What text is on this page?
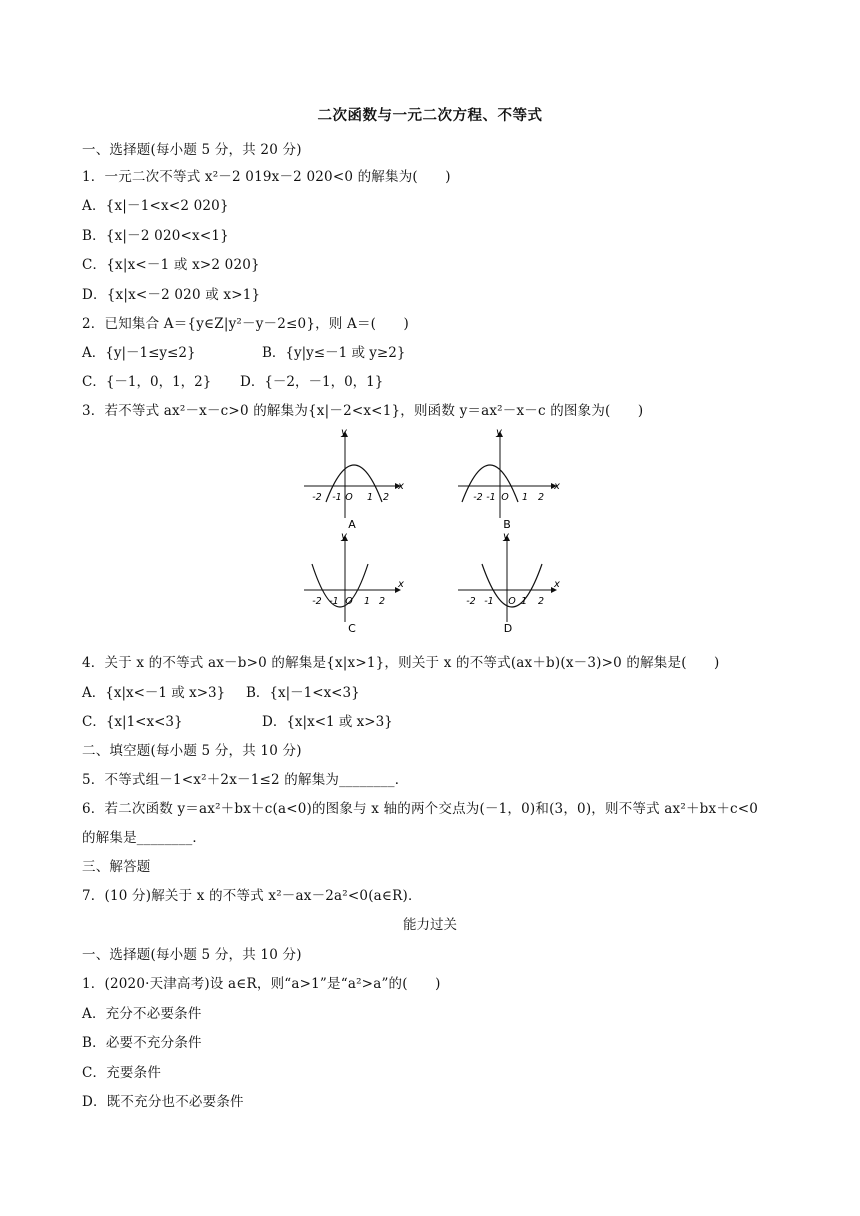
二次函数与一元二次方程、不等式
一、选择题(每小题 5 分，共 20 分)
1．一元二次不等式 x²－2 019x－2 020<0 的解集为(　　)
A．{x|－1<x<2 020}
B．{x|－2 020<x<1}
C．{x|x<－1 或 x>2 020}
D．{x|x<－2 020 或 x>1}
2．已知集合 A＝{y∈Z|y²－y－2≤0}，则 A＝(　　)
A．{y|－1≤y≤2}	B．{y|y≤－1 或 y≥2}
C．{－1，0，1，2} D．{－2，－1，0，1}
3．若不等式 ax²－x－c>0 的解集为{x|－2<x<1}，则函数 y＝ax²－x－c 的图象为(　　)
y
x
-2 -1 O 1 2
A
y
x
-2 -1 O 1 2
B
y
x
-2 -1 O 1 2
C
y
x
-2 -1 O 1 2
D
4．关于 x 的不等式 ax－b>0 的解集是{x|x>1}，则关于 x 的不等式(ax＋b)(x－3)>0 的解集是(　　)
A．{x|x<－1 或 x>3} B．{x|－1<x<3}
C．{x|1<x<3}	D．{x|x<1 或 x>3}
二、填空题(每小题 5 分，共 10 分)
5．不等式组－1<x²＋2x－1≤2 的解集为________．
6．若二次函数 y＝ax²＋bx＋c(a<0)的图象与 x 轴的两个交点为(－1，0)和(3，0)，则不等式 ax²＋bx＋c<0
的解集是________．
三、解答题
7．(10 分)解关于 x 的不等式 x²－ax－2a²<0(a∈R)．
能力过关
一、选择题(每小题 5 分，共 10 分)
1．(2020·天津高考)设 a∈R，则“a>1”是“a²>a”的(　　)
A．充分不必要条件
B．必要不充分条件
C．充要条件
D．既不充分也不必要条件
